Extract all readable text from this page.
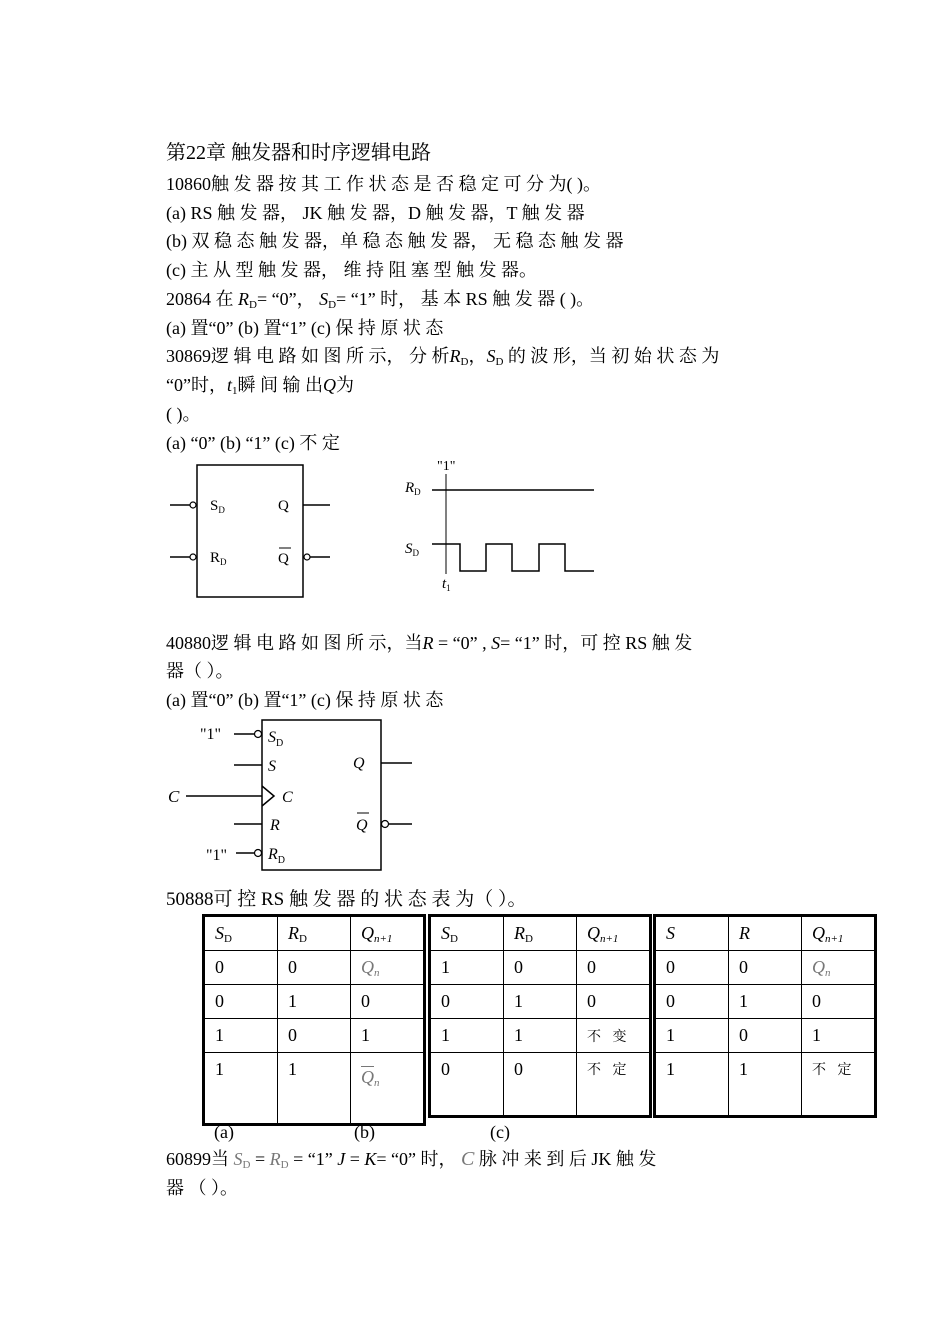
第22章 触发器和时序逻辑电路
10860触 发 器 按 其 工 作 状 态 是 否 稳 定 可 分 为( )。
(a) RS 触 发 器， JK 触 发 器，D 触 发 器，T 触 发 器
(b) 双 稳 态 触 发 器，单 稳 态 触 发 器， 无 稳 态 触 发 器
(c) 主 从 型 触 发 器， 维 持 阻 塞 型 触 发 器。
20864 在 $R_D=$ “0”， $S_D=$ “1” 时， 基 本 RS 触 发 器 ( )。
(a) 置“0” (b) 置“1” (c) 保 持 原 状 态
30869逻 辑 电 路 如 图 所 示， 分 析$R_D$，$S_D$ 的 波 形，当 初 始 状 态 为
“0”时，$t_1$瞬 间 输 出Q为
( )。
(a) “0” (b) “1” (c) 不 定
$S_D$
$R_D$
Q
Q
"1"
$R_D$
$S_D$
$t_1$
40880逻 辑 电 路 如 图 所 示，当R = “0” , S= “1” 时，可 控 RS 触 发
器（ ）。
(a) 置“0” (b) 置“1” (c) 保 持 原 状 态
"1"	$S_D$
S
C	C
R
"1"	$R_D$
Q
Q
50888可 控 RS 触 发 器 的 状 态 表 为（ ）。
$S_D$	$R_D$	$Q_{n+1}$
0	0	$Q_n$
0	1	0
1	0	1
1	1	$\overline{Q}_n$
$S_D$	$R_D$	$Q_{n+1}$
1	0	0
0	1	0
1	1	不 变
0	0	不 定
S	R	$Q_{n+1}$
0	0	$Q_n$
0	1	0
1	0	1
1	1	不 定
(a)	(b)	(c)
60899当 $S_D = R_D$ = “1” J = K= “0” 时， C 脉 冲 来 到 后 JK 触 发
器 （ ）。
